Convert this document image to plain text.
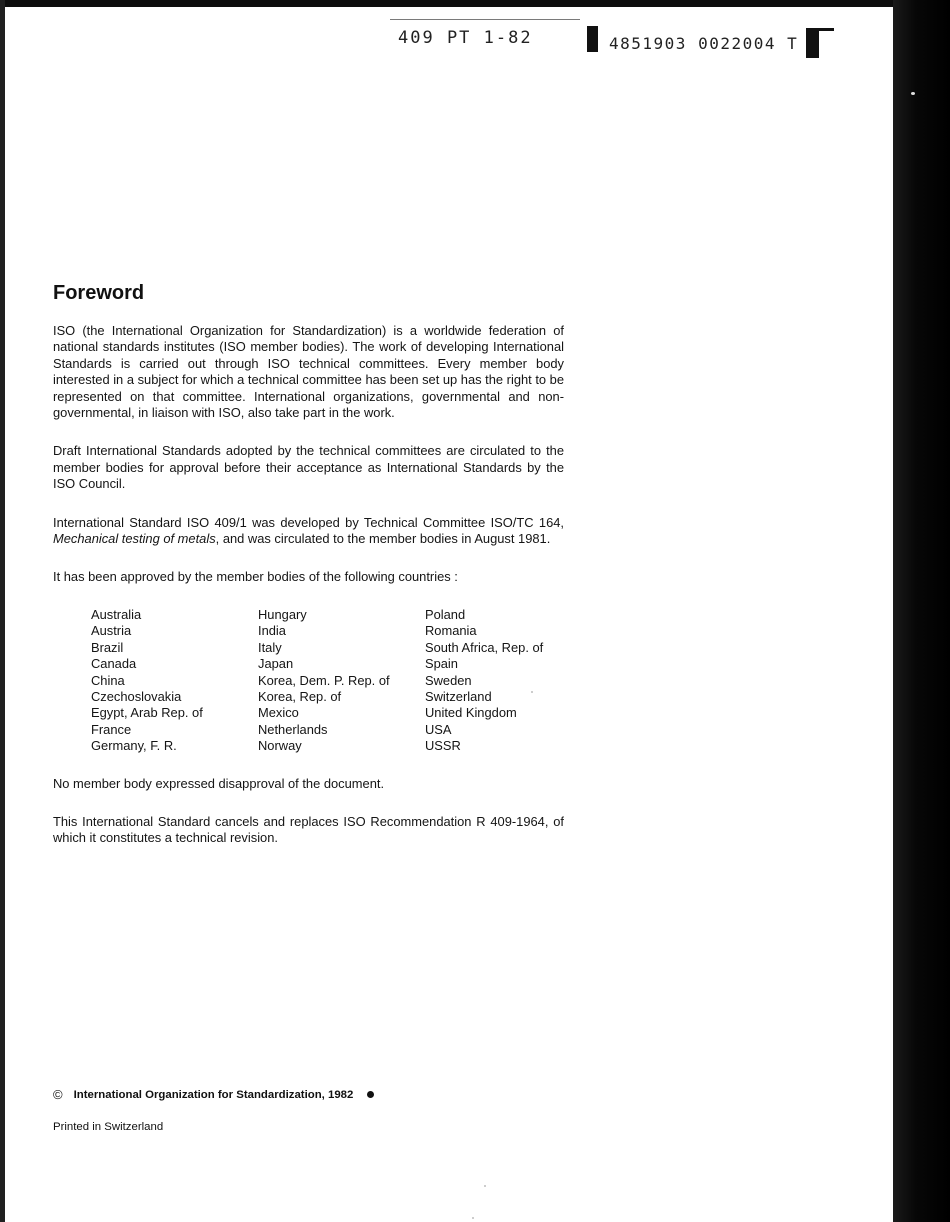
409 PT 1-82	4851903 0022004 T
Foreword

ISO (the International Organization for Standardization) is a worldwide federation of national standards institutes (ISO member bodies). The work of developing International Standards is carried out through ISO technical committees. Every member body interested in a subject for which a technical committee has been set up has the right to be represented on that committee. International organizations, governmental and non-governmental, in liaison with ISO, also take part in the work.

Draft International Standards adopted by the technical committees are circulated to the member bodies for approval before their acceptance as International Standards by the ISO Council.

International Standard ISO 409/1 was developed by Technical Committee ISO/TC 164, Mechanical testing of metals, and was circulated to the member bodies in August 1981.

It has been approved by the member bodies of the following countries :

Australia	Hungary	Poland
Austria	India	Romania
Brazil	Italy	South Africa, Rep. of
Canada	Japan	Spain
China	Korea, Dem. P. Rep. of	Sweden
Czechoslovakia	Korea, Rep. of	Switzerland
Egypt, Arab Rep. of	Mexico	United Kingdom
France	Netherlands	USA
Germany, F. R.	Norway	USSR

No member body expressed disapproval of the document.

This International Standard cancels and replaces ISO Recommendation R 409-1964, of which it constitutes a technical revision.

© International Organization for Standardization, 1982
Printed in Switzerland
